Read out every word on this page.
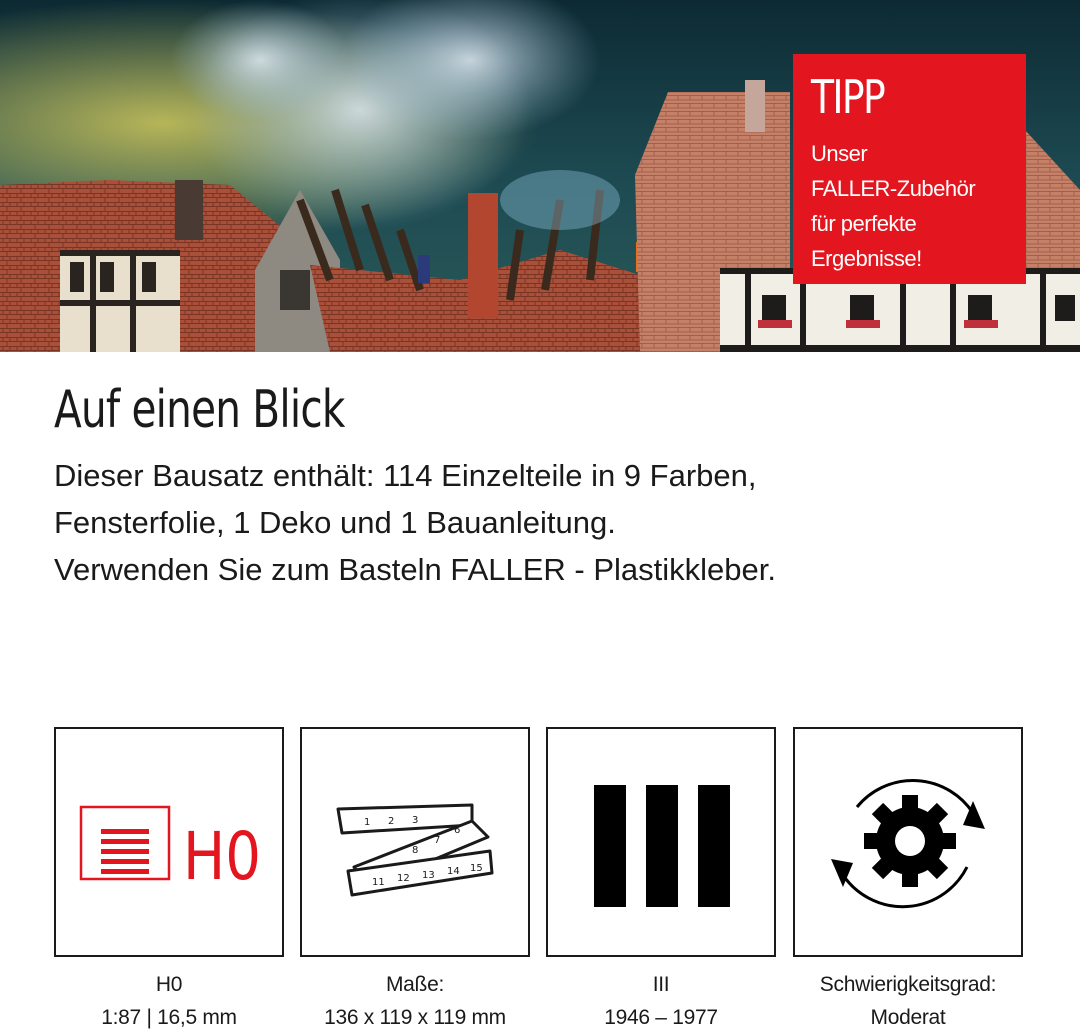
TIPP
Unser
FALLER-Zubehör
für perfekte
Ergebnisse!
Auf einen Blick
Dieser Bausatz enthält: 114 Einzelteile in 9 Farben,
Fensterfolie, 1 Deko und 1 Bauanleitung.
Verwenden Sie zum Basteln FALLER - Plastikkleber.
H0	1 2 3
6
7
8
11 12 13 14 15
H0
1:87 | 16,5 mm
Maße:
136 x 119 x 119 mm
III
1946 – 1977
Schwierigkeitsgrad:
Moderat
